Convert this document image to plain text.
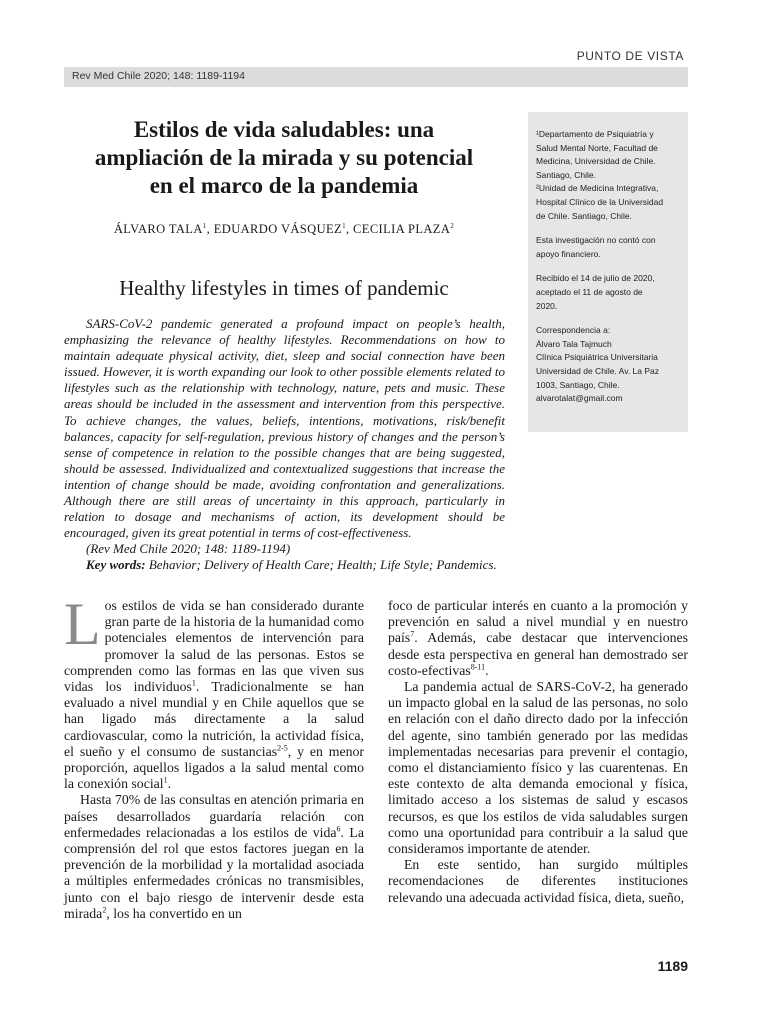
PUNTO DE VISTA
Rev Med Chile 2020; 148: 1189-1194
Estilos de vida saludables: una
ampliación de la mirada y su potencial
en el marco de la pandemia
ÁLVARO TALA$^1$, EDUARDO VÁSQUEZ$^1$, CECILIA PLAZA$^2$
Healthy lifestyles in times of pandemic

SARS-CoV-2 pandemic generated a profound impact on people’s health, emphasizing the relevance of healthy lifestyles. Recommendations on how to maintain adequate physical activity, diet, sleep and social connection have been issued. However, it is worth expanding our look to other possible elements related to lifestyles such as the relationship with technology, nature, pets and music. These areas should be included in the assessment and intervention from this perspective. To achieve changes, the values, beliefs, intentions, motivations, risk/benefit balances, capacity for self-regulation, previous history of changes and the person’s sense of competence in relation to the possible changes that are being suggested, should be assessed. Individualized and contextualized suggestions that increase the intention of change should be made, avoiding confrontation and generalizations. Although there are still areas of uncertainty in this approach, particularly in relation to dosage and mechanisms of action, its development should be encouraged, given its great potential in terms of cost-effectiveness.

(Rev Med Chile 2020; 148: 1189-1194)
Key words: Behavior; Delivery of Health Care; Health; Life Style; Pandemics.
¹Departamento de Psiquiatría y
Salud Mental Norte, Facultad de
Medicina, Universidad de Chile.
Santiago, Chile.
²Unidad de Medicina Integrativa,
Hospital Clínico de la Universidad
de Chile. Santiago, Chile.
Esta investigación no contó con
apoyo financiero.
Recibido el 14 de julio de 2020,
aceptado el 11 de agosto de
2020.
Correspondencia a:
Álvaro Tala Tajmuch
Clínica Psiquiátrica Universitaria
Universidad de Chile. Av. La Paz
1003, Santiago, Chile.
alvarotalat@gmail.com

Los estilos de vida se han considerado durante gran parte de la historia de la humanidad como potenciales elementos de intervención para promover la salud de las personas. Estos se comprenden como las formas en las que viven sus vidas los individuos$^1$. Tradicionalmente se han evaluado a nivel mundial y en Chile aquellos que se han ligado más directamente a la salud cardiovascular, como la nutrición, la actividad física, el sueño y el consumo de sustancias$^{2-5}$, y en menor proporción, aquellos ligados a la salud mental como la conexión social$^1$.

Hasta 70% de las consultas en atención primaria en países desarrollados guardaría relación con enfermedades relacionadas a los estilos de vida$^6$. La comprensión del rol que estos factores juegan en la prevención de la morbilidad y la mortalidad asociada a múltiples enfermedades crónicas no transmisibles, junto con el bajo riesgo de intervenir desde esta mirada$^2$, los ha convertido en un

foco de particular interés en cuanto a la promoción y prevención en salud a nivel mundial y en nuestro país$^7$. Además, cabe destacar que intervenciones desde esta perspectiva en general han demostrado ser costo-efectivas$^{8-11}$.

La pandemia actual de SARS-CoV-2, ha generado un impacto global en la salud de las personas, no solo en relación con el daño directo dado por la infección del agente, sino también generado por las medidas implementadas necesarias para prevenir el contagio, como el distanciamiento físico y las cuarentenas. En este contexto de alta demanda emocional y física, limitado acceso a los sistemas de salud y escasos recursos, es que los estilos de vida saludables surgen como una oportunidad para contribuir a la salud que consideramos importante de atender.

En este sentido, han surgido múltiples recomendaciones de diferentes instituciones relevando una adecuada actividad física, dieta, sueño,

1189
